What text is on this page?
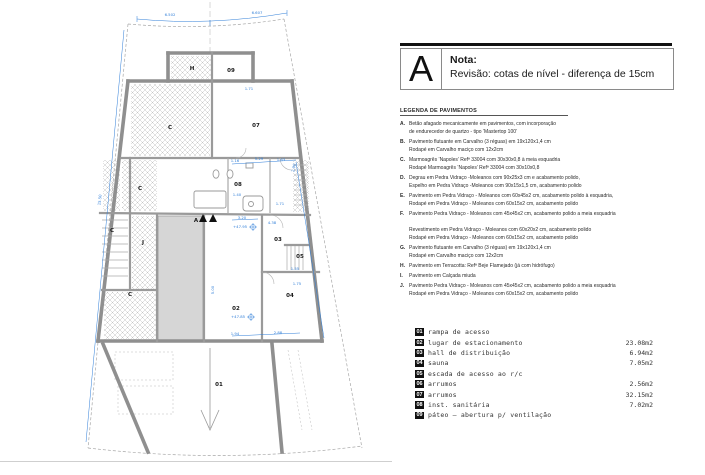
09
H
C	07
08
C
C
J	03
05
04
C
02
01
A
6.502	6.607
15.50
1.71
1.16	5.29	1.63
2.00
1.40
1.71
3.20
4.38
1.55
1.75
1.94	2.88
5.00
+47.95
+47.85
A	Nota:
Revisão: cotas de nível - diferença de 15cm
LEGENDA DE PAVIMENTOS
A. Betão afagado mecanicamente em pavimentos, com incorporação
de endurecedor de quartzo - tipo ‘Mastertop 100’
B. Pavimento flutuante em Carvalho (3 réguas) em 19x120x1,4 cm
Rodapé em Carvalho maciço com 12x2cm
C. Marmoagrês ‘Napoles’ Refª 33004 com 30x30x0,8 à meia esquadria
Rodapé Marmoagrês ‘Napoles’ Refª 33004 com 30x10x0,8
D. Degrau em Pedra Vidraço -Moleanos com 90x25x3 cm e acabamento polido,
Espelho em Pedra Vidraço -Moleanos com 90x15x1,5 cm, acabamento polido
E. Pavimento em Pedra Vidraço - Moleanos com 60x45x2 cm, acabamento polido à esquadria,
Rodapé em Pedra Vidraço - Moleanos com 60x15x2 cm, acabamento polido
F.	Pavimento Pedra Vidraço - Moleanos com 45x45x2 cm, acabamento polido a meia esquadria
Revestimento em Pedra Vidraço - Moleanos com 60x20x2 cm, acabamento polido
Rodapé em Pedra Vidraço - Moleanos com 60x15x2 cm, acabamento polido
G. Pavimento flutuante em Carvalho (3 réguas) em 19x120x1,4 cm
Rodapé em Carvalho maciço com 12x2cm
H. Pavimento em Terracotta: Refª Beje Flamejado (já com hidrófugo)
I.	Pavimento em Calçada miuda
J. Pavimento Pedra Vidraço - Moleanos com 45x45x2 cm, acabamento polido a meia esquadria
Rodapé em Pedra Vidraço - Moleanos com 60x15x2 cm, acabamento polido
01 rampa de acesso
02 lugar de estacionamento	23.08m2
03 hall de distribuição	6.94m2
04 sauna	7.05m2
05 escada de acesso ao r/c
06 arrumos	2.56m2
07 arrumos	32.15m2
08 inst. sanitária	7.02m2
09 páteo — abertura p/ ventilação
